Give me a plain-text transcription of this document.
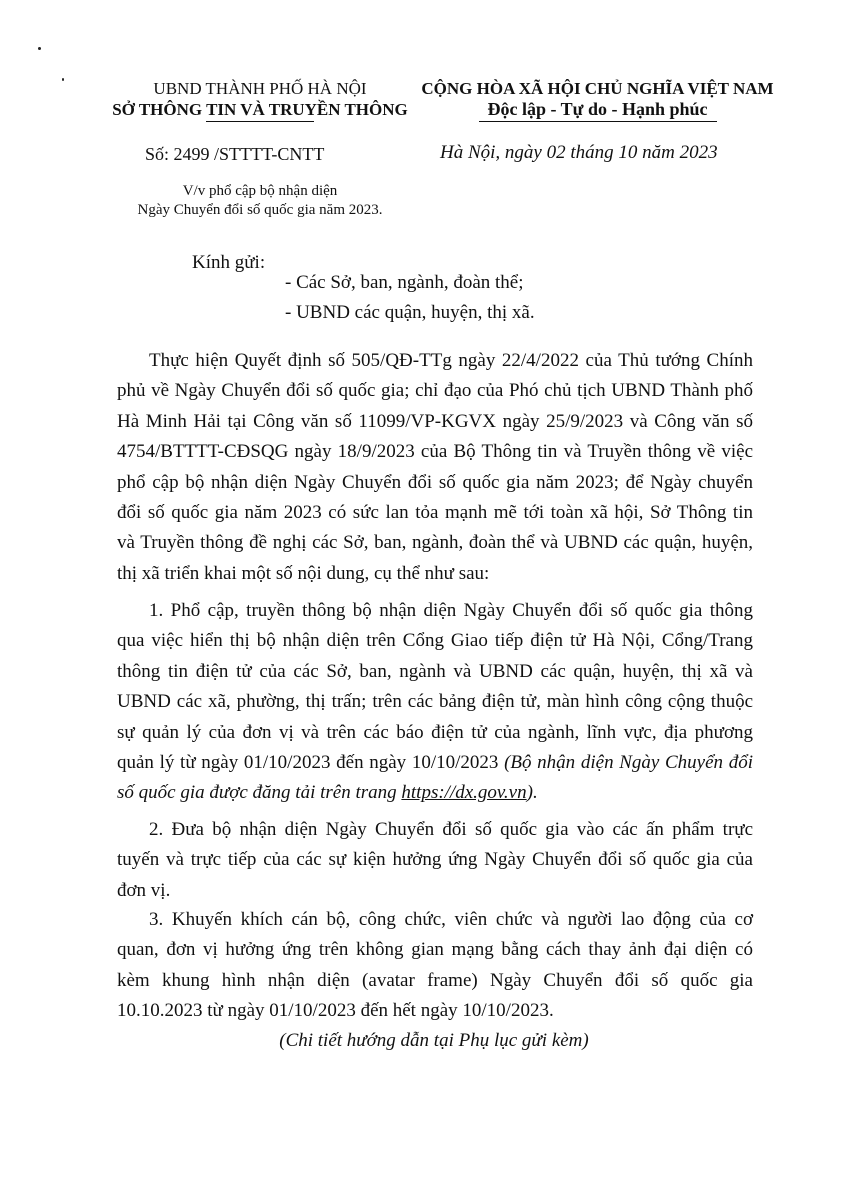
UBND THÀNH PHỐ HÀ NỘI
SỞ THÔNG TIN VÀ TRUYỀN THÔNG
CỘNG HÒA XÃ HỘI CHỦ NGHĨA VIỆT NAM
Độc lập - Tự do - Hạnh phúc
Số: 2499 /STTTT-CNTT	Hà Nội, ngày 02 tháng 10 năm 2023
V/v phổ cập bộ nhận diện
Ngày Chuyển đổi số quốc gia năm 2023.
Kính gửi:
- Các Sở, ban, ngành, đoàn thể;
- UBND các quận, huyện, thị xã.
Thực hiện Quyết định số 505/QĐ-TTg ngày 22/4/2022 của Thủ tướng Chính
phủ về Ngày Chuyển đổi số quốc gia; chỉ đạo của Phó chủ tịch UBND Thành phố
Hà Minh Hải tại Công văn số 11099/VP-KGVX ngày 25/9/2023 và Công văn số
4754/BTTTT-CĐSQG ngày 18/9/2023 của Bộ Thông tin và Truyền thông về việc
phổ cập bộ nhận diện Ngày Chuyển đổi số quốc gia năm 2023; để Ngày chuyển
đổi số quốc gia năm 2023 có sức lan tỏa mạnh mẽ tới toàn xã hội, Sở Thông tin
và Truyền thông đề nghị các Sở, ban, ngành, đoàn thể và UBND các quận, huyện,
thị xã triển khai một số nội dung, cụ thể như sau:
1. Phổ cập, truyền thông bộ nhận diện Ngày Chuyển đổi số quốc gia thông
qua việc hiển thị bộ nhận diện trên Cổng Giao tiếp điện tử Hà Nội, Cổng/Trang
thông tin điện tử của các Sở, ban, ngành và UBND các quận, huyện, thị xã và
UBND các xã, phường, thị trấn; trên các bảng điện tử, màn hình công cộng thuộc
sự quản lý của đơn vị và trên các báo điện tử của ngành, lĩnh vực, địa phương
quản lý từ ngày 01/10/2023 đến ngày 10/10/2023 (Bộ nhận diện Ngày Chuyển đổi
số quốc gia được đăng tải trên trang https://dx.gov.vn).
2. Đưa bộ nhận diện Ngày Chuyển đổi số quốc gia vào các ấn phẩm trực
tuyến và trực tiếp của các sự kiện hưởng ứng Ngày Chuyển đổi số quốc gia của
đơn vị.
3. Khuyến khích cán bộ, công chức, viên chức và người lao động của cơ
quan, đơn vị hưởng ứng trên không gian mạng bằng cách thay ảnh đại diện có
kèm khung hình nhận diện (avatar frame) Ngày Chuyển đổi số quốc gia
10.10.2023 từ ngày 01/10/2023 đến hết ngày 10/10/2023.
(Chi tiết hướng dẫn tại Phụ lục gửi kèm)
